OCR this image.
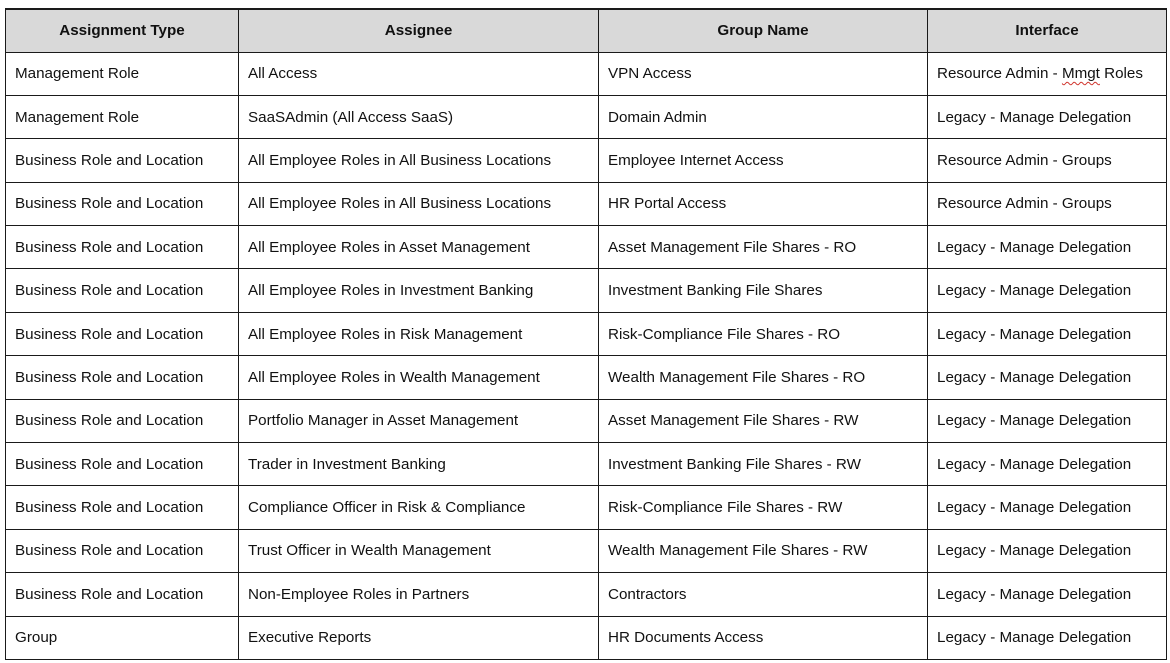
Assignment Type	Assignee	Group Name	Interface
Management Role	All Access	VPN Access	Resource Admin - Mmgt Roles
Management Role	SaaSAdmin (All Access SaaS)	Domain Admin	Legacy - Manage Delegation
Business Role and Location	All Employee Roles in All Business Locations	Employee Internet Access	Resource Admin - Groups
Business Role and Location	All Employee Roles in All Business Locations	HR Portal Access	Resource Admin - Groups
Business Role and Location	All Employee Roles in Asset Management	Asset Management File Shares - RO	Legacy - Manage Delegation
Business Role and Location	All Employee Roles in Investment Banking	Investment Banking File Shares	Legacy - Manage Delegation
Business Role and Location	All Employee Roles in Risk Management	Risk-Compliance File Shares - RO	Legacy - Manage Delegation
Business Role and Location	All Employee Roles in Wealth Management	Wealth Management File Shares - RO	Legacy - Manage Delegation
Business Role and Location	Portfolio Manager in Asset Management	Asset Management File Shares - RW	Legacy - Manage Delegation
Business Role and Location	Trader in Investment Banking	Investment Banking File Shares - RW	Legacy - Manage Delegation
Business Role and Location	Compliance Officer in Risk & Compliance	Risk-Compliance File Shares - RW	Legacy - Manage Delegation
Business Role and Location	Trust Officer in Wealth Management	Wealth Management File Shares - RW	Legacy - Manage Delegation
Business Role and Location	Non-Employee Roles in Partners	Contractors	Legacy - Manage Delegation
Group	Executive Reports	HR Documents Access	Legacy - Manage Delegation
